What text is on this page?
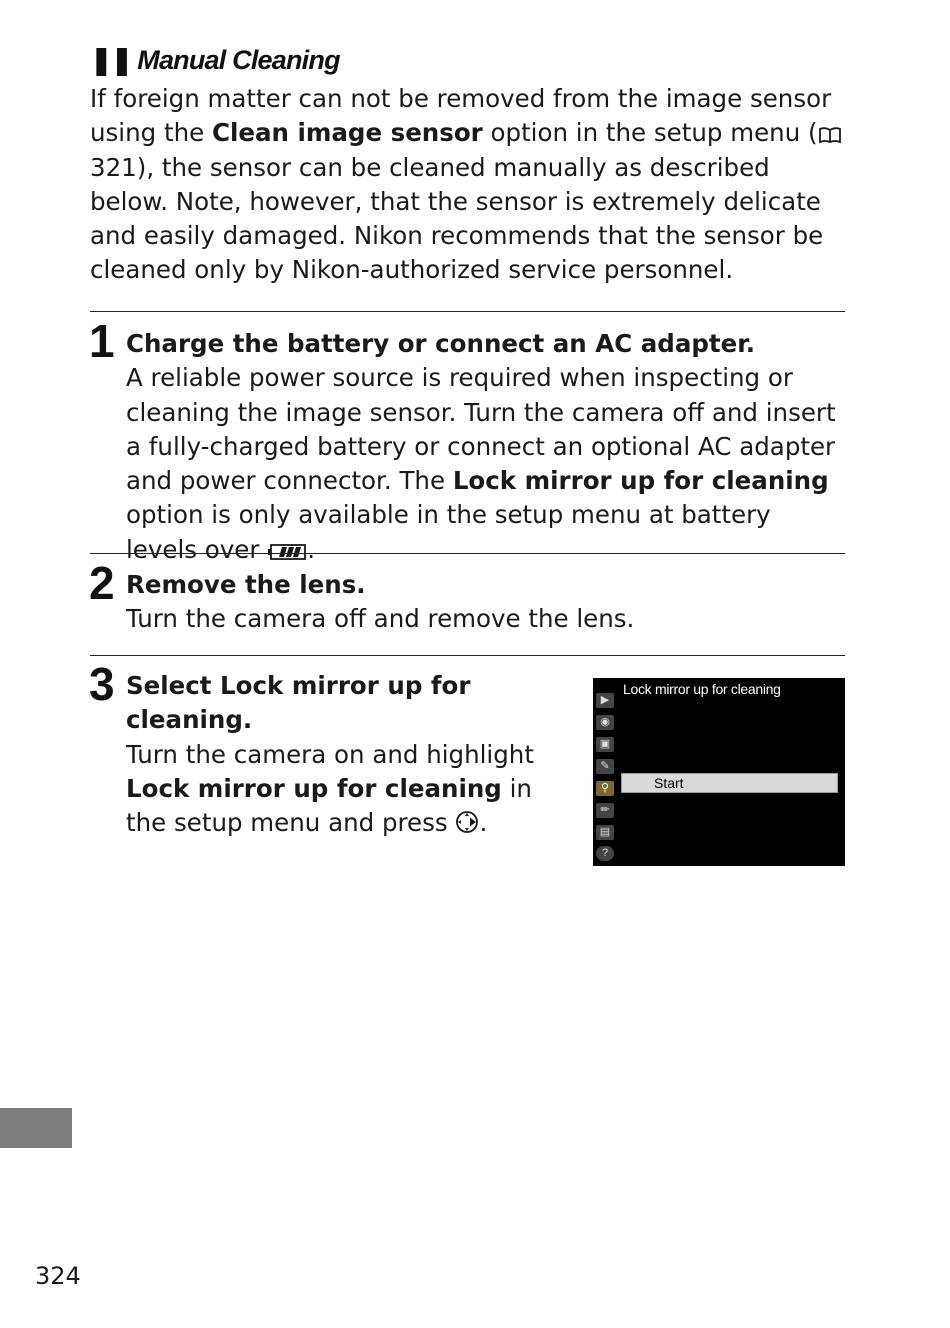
❚❚ Manual Cleaning

If foreign matter can not be removed from the image sensor using the Clean image sensor option in the setup menu ( 321), the sensor can be cleaned manually as described below. Note, however, that the sensor is extremely delicate and easily damaged. Nikon recommends that the sensor be cleaned only by Nikon-authorized service personnel.

1 Charge the battery or connect an AC adapter.
A reliable power source is required when inspecting or cleaning the image sensor. Turn the camera off and insert a fully-charged battery or connect an optional AC adapter and power connector. The Lock mirror up for cleaning option is only available in the setup menu at battery levels over .

2 Remove the lens.
Turn the camera off and remove the lens.

3 Select Lock mirror up for cleaning.
Turn the camera on and highlight Lock mirror up for cleaning in the setup menu and press .

Lock mirror up for cleaning
▶
◉
▣
✎
⚲
✏
▤
?
Start
324
